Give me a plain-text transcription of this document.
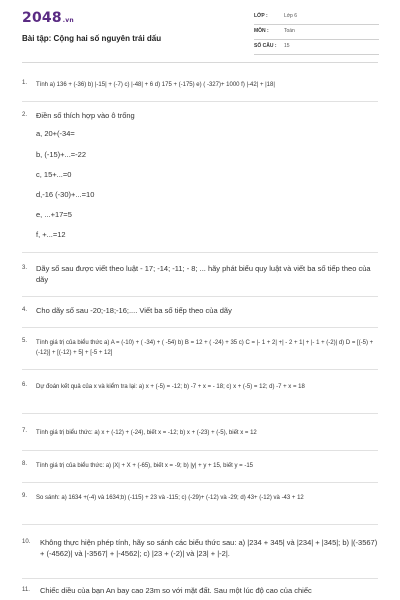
2048.vn
Bài tập: Cộng hai số nguyên trái dấu
LỚP :	Lớp 6
MÔN :	Toán
SỐ CÂU : 15
1. Tính a) 136 + (-36) b) |-15| + (-7) c) |-48| + 6 d) 175 + (-175) e) ( -327)+ 1000 f) |-42| + |18|
2. Điền số thích hợp vào ô trống
a, 20+(-34=
b, (-15)+...=-22
c, 15+...=0
d,-16 (-30)+...=10
e, ...+17=5
f, +...=12
3. Dãy số sau được viết theo luật - 17; -14; -11; - 8; ... hãy phát biểu quy luật và viết ba số tiếp theo của dãy
4. Cho dãy số sau -20;-18;-16;.... Viết ba số tiếp theo của dãy
5. Tính giá trị của biểu thức a) A = (-10) + ( -34) + ( -54) b) B = 12 + ( -24) + 35 c) C = |- 1 + 2| +| - 2 + 1| + |- 1 + (-2)| d) D = [(-5) + (-12)] + [(-12) + 5] + [-5 + 12]
6. Dự đoán kết quả của x và kiểm tra lại: a) x + (-5) = -12; b) -7 + x = - 18; c) x + (-5) = 12; d) -7 + x = 18
7. Tính giá trị biểu thức: a) x + (-12) + (-24), biết x = -12; b) x + (-23) + (-5), biết x = 12
8. Tính giá trị của biểu thức: a) |X| + X + (-65), biết x = -9; b) |y| + y + 15, biết y = -15
9. So sánh: a) 1634 +(-4) và 1634;b) (-115) + 23 và -115; c) (-29)+ (-12) và -29; d) 43+ (-12) và -43 + 12
10. Không thực hiện phép tính, hãy so sánh các biểu thức sau: a) |234 + 345| và |234| + |345|; b) |(-3567) + (-4562)| và |-3567| + |-4562|; c) |23 + (-2)| và |23| + |-2|.
11. Chiếc diều của bạn An bay cao 23m so với mặt đất. Sau một lúc độ cao của chiếc
